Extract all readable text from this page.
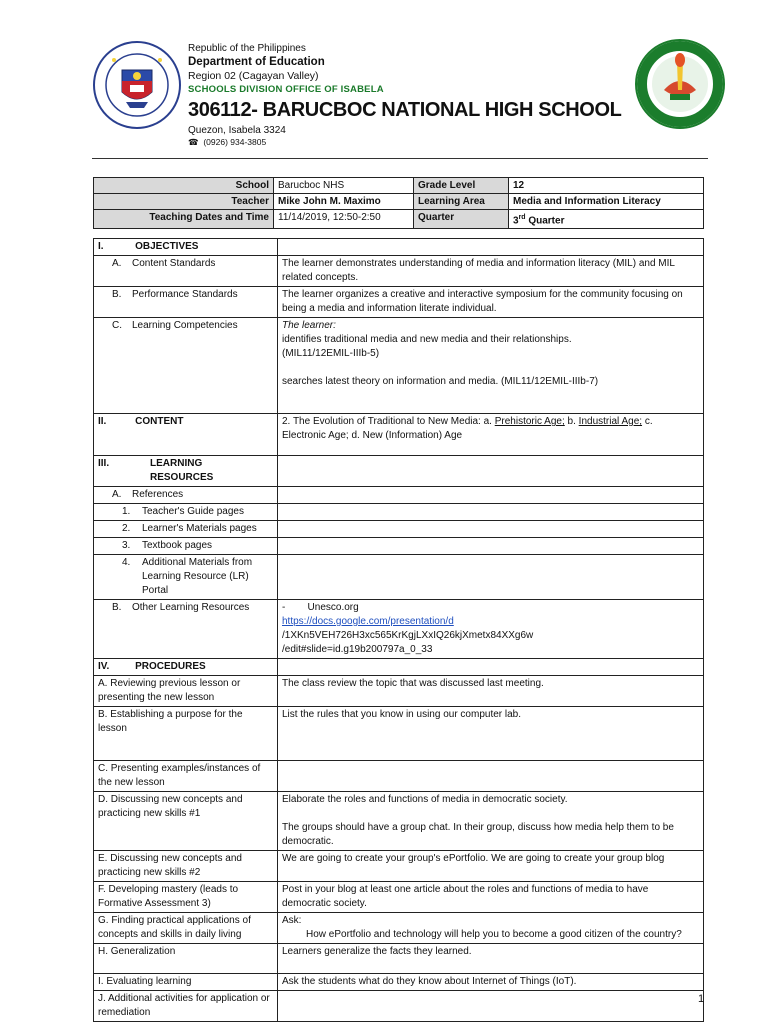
Republic of the Philippines
Department of Education
Region 02 (Cagayan Valley)
SCHOOLS DIVISION OFFICE OF ISABELA
306112- BARUCBOC NATIONAL HIGH SCHOOL
Quezon, Isabela 3324
☎ (0926) 934-3805
School	Barucboc NHS	Grade Level	12
Teacher	Mike John M. Maximo	Learning Area	Media and Information Literacy
Teaching Dates and Time	11/14/2019, 12:50-2:50	Quarter	3rd Quarter
I. OBJECTIVES	
A. Content Standards	The learner demonstrates understanding of media and information literacy (MIL) and MIL related concepts.
B. Performance Standards	The learner organizes a creative and interactive symposium for the community focusing on being a media and information literate individual.
C. Learning Competencies	The learner:
identifies traditional media and new media and their relationships.
(MIL11/12EMIL-IIIb-5)
searches latest theory on information and media. (MIL11/12EMIL-IIIb-7)

II. CONTENT	2. The Evolution of Traditional to New Media: a. Prehistoric Age; b. Industrial Age; c. Electronic Age; d. New (Information) Age

III. LEARNING RESOURCES	

A. References	
1. Teacher's Guide pages	
2. Learner's Materials pages	
3. Textbook pages	

4. Additional Materials from Learning Resource (LR) Portal	

B. Other Learning Resources	-        Unesco.org
https://docs.google.com/presentation/d
/1XKn5VEH726H3xc565KrKgjLXxIQ26kjXmetx84XXg6w
/edit#slide=id.g19b200797a_0_33

IV. PROCEDURES	
A. Reviewing previous lesson or presenting the new lesson	The class review the topic that was discussed last meeting.
B. Establishing a purpose for the lesson	List the rules that you know in using our computer lab.
C. Presenting examples/instances of the new lesson	
D. Discussing new concepts and practicing new skills #1	Elaborate the roles and functions of media in democratic society.
The groups should have a group chat. In their group, discuss how media help them to be democratic.

E. Discussing new concepts and practicing new skills #2	We are going to create your group's ePortfolio. We are going to create your group blog
F. Developing mastery (leads to Formative Assessment 3)	Post in your blog at least one article about the roles and functions of media to have democratic society.
G. Finding practical applications of concepts and skills in daily living	Ask:
How ePortfolio and technology will help you to become a good citizen of the country?

H. Generalization	Learners generalize the facts they learned.
I. Evaluating learning	Ask the students what do they know about Internet of Things (IoT).
J. Additional activities for application or remediation	
1
